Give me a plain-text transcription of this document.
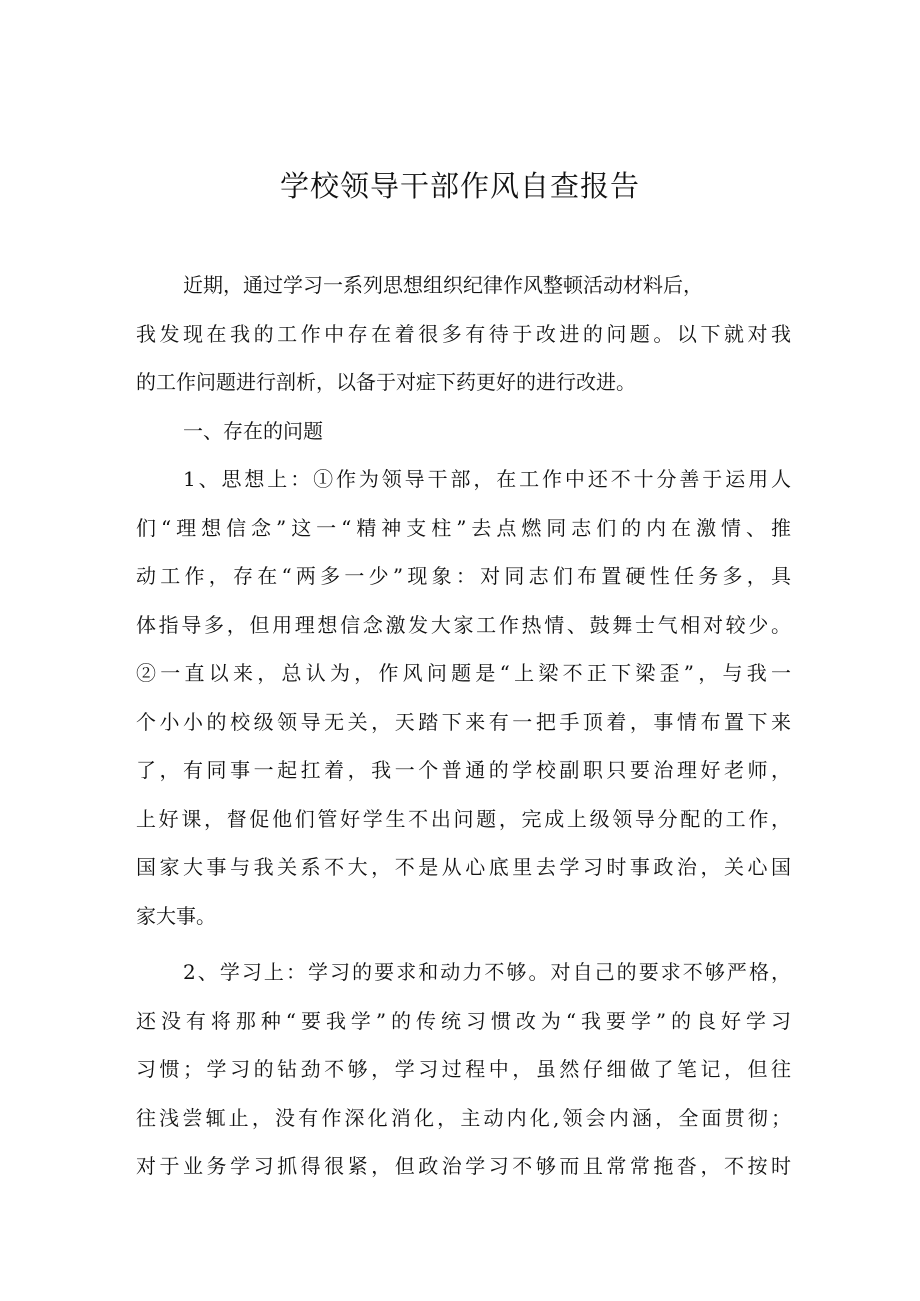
学校领导干部作风自查报告
近期，通过学习一系列思想组织纪律作风整顿活动材料后，
我发现在我的工作中存在着很多有待于改进的问题。以下就对我
的工作问题进行剖析，以备于对症下药更好的进行改进。
一、存在的问题
1、思想上：①作为领导干部，在工作中还不十分善于运用人
们“理想信念”这一“精神支柱”去点燃同志们的内在激情、推
动工作，存在“两多一少”现象：对同志们布置硬性任务多，具
体指导多，但用理想信念激发大家工作热情、鼓舞士气相对较少。
②一直以来，总认为，作风问题是“上梁不正下梁歪”，与我一
个小小的校级领导无关，天踏下来有一把手顶着，事情布置下来
了，有同事一起扛着，我一个普通的学校副职只要治理好老师，
上好课，督促他们管好学生不出问题，完成上级领导分配的工作，
国家大事与我关系不大，不是从心底里去学习时事政治，关心国
家大事。
2、学习上：学习的要求和动力不够。对自己的要求不够严格，
还没有将那种“要我学”的传统习惯改为“我要学”的良好学习
习惯；学习的钻劲不够，学习过程中，虽然仔细做了笔记，但往
往浅尝辄止，没有作深化消化，主动内化,领会内涵，全面贯彻；
对于业务学习抓得很紧，但政治学习不够而且常常拖沓，不按时
